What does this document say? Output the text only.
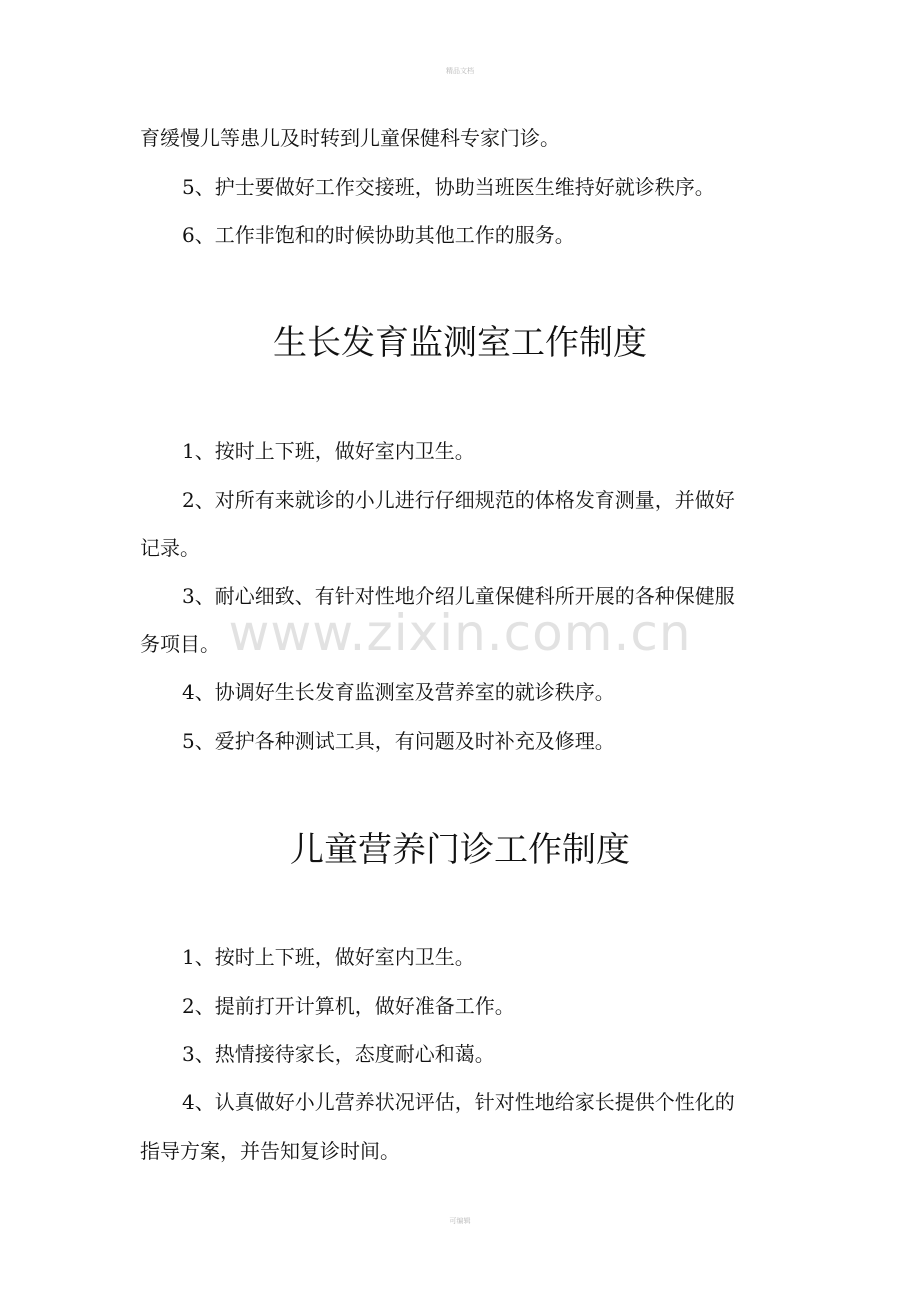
精品文档
育缓慢儿等患儿及时转到儿童保健科专家门诊。
5、护士要做好工作交接班，协助当班医生维持好就诊秩序。
6、工作非饱和的时候协助其他工作的服务。
生长发育监测室工作制度
1、按时上下班，做好室内卫生。
2、对所有来就诊的小儿进行仔细规范的体格发育测量，并做好
记录。
3、耐心细致、有针对性地介绍儿童保健科所开展的各种保健服
务项目。
4、协调好生长发育监测室及营养室的就诊秩序。
5、爱护各种测试工具，有问题及时补充及修理。
儿童营养门诊工作制度
1、按时上下班，做好室内卫生。
2、提前打开计算机，做好准备工作。
3、热情接待家长，态度耐心和蔼。
4、认真做好小儿营养状况评估，针对性地给家长提供个性化的
指导方案，并告知复诊时间。
www.zixin.com.cn
可编辑
